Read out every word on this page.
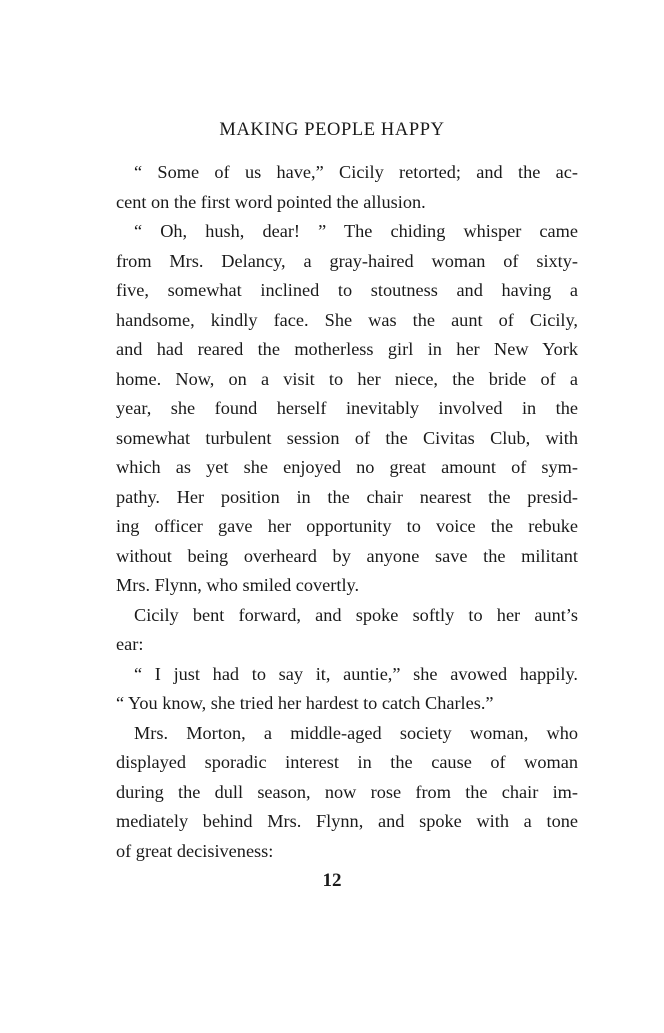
MAKING PEOPLE HAPPY
“ Some of us have,” Cicily retorted; and the ac-
cent on the first word pointed the allusion.
“ Oh, hush, dear! ” The chiding whisper came
from Mrs. Delancy, a gray-haired woman of sixty-
five, somewhat inclined to stoutness and having a
handsome, kindly face. She was the aunt of Cicily,
and had reared the motherless girl in her New York
home. Now, on a visit to her niece, the bride of a
year, she found herself inevitably involved in the
somewhat turbulent session of the Civitas Club, with
which as yet she enjoyed no great amount of sym-
pathy. Her position in the chair nearest the presid-
ing officer gave her opportunity to voice the rebuke
without being overheard by anyone save the militant
Mrs. Flynn, who smiled covertly.
Cicily bent forward, and spoke softly to her aunt’s
ear:
“ I just had to say it, auntie,” she avowed happily.
“ You know, she tried her hardest to catch Charles.”
Mrs. Morton, a middle-aged society woman, who
displayed sporadic interest in the cause of woman
during the dull season, now rose from the chair im-
mediately behind Mrs. Flynn, and spoke with a tone
of great decisiveness:
12
